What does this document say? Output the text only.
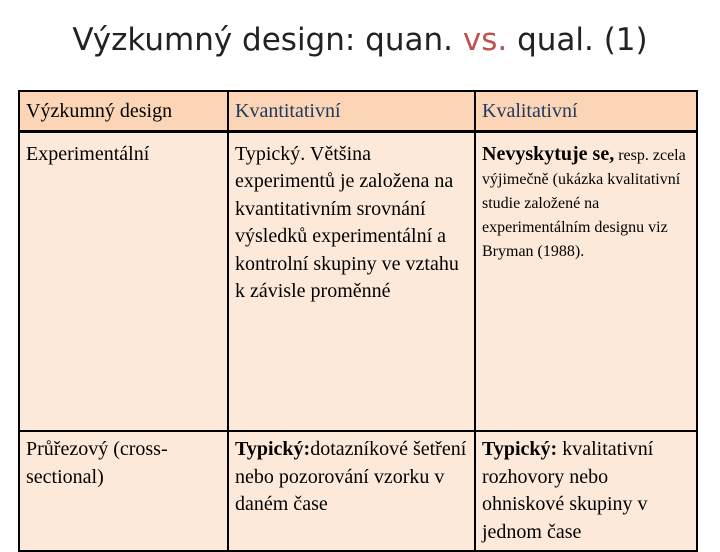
Výzkumný design: quan. vs. qual. (1)
Výzkumný design	Kvantitativní	Kvalitativní
Experimentální	Typický. Většina experimentů je založena na kvantitativním srovnání výsledků experimentální a kontrolní skupiny ve vztahu k závisle proměnné	Nevyskytuje se, resp. zcela výjimečně (ukázka kvalitativní studie založené na experimentálním designu viz Bryman (1988).
Průřezový (cross-sectional)	Typický:dotazníkové šetření nebo pozorování vzorku v daném čase	Typický: kvalitativní rozhovory nebo ohniskové skupiny v jednom čase
